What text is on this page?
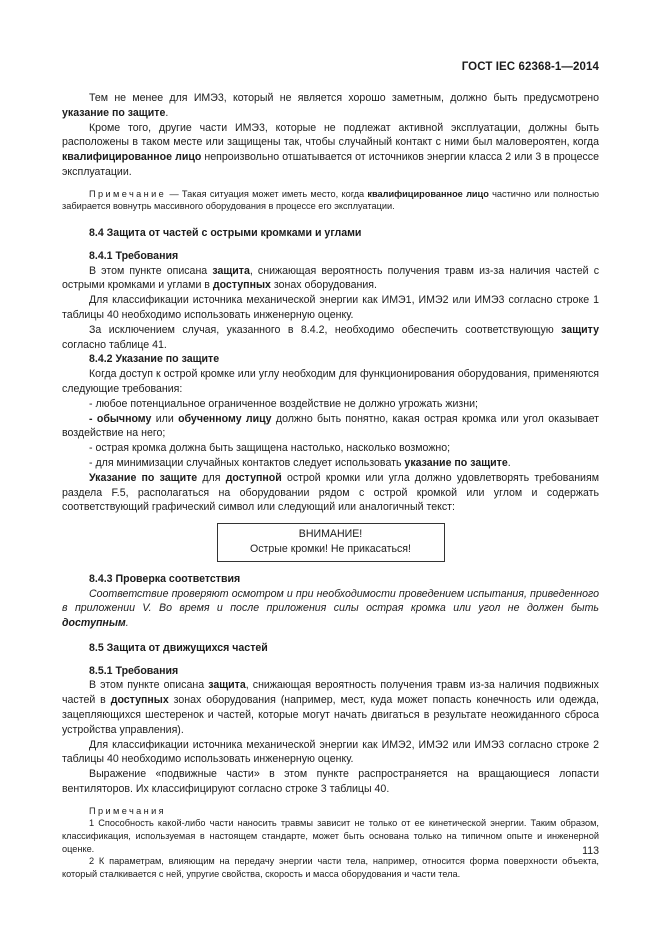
ГОСТ IEC 62368-1—2014

Тем не менее для ИМЭ3, который не является хорошо заметным, должно быть предусмотрено указание по защите.

Кроме того, другие части ИМЭ3, которые не подлежат активной эксплуатации, должны быть расположены в таком месте или защищены так, чтобы случайный контакт с ними был маловероятен, когда квалифицированное лицо непроизвольно отшатывается от источников энергии класса 2 или 3 в процессе эксплуатации.

Примечание — Такая ситуация может иметь место, когда квалифицированное лицо частично или полностью забирается вовнутрь массивного оборудования в процессе его эксплуатации.

8.4 Защита от частей с острыми кромками и углами

8.4.1 Требования

В этом пункте описана защита, снижающая вероятность получения травм из-за наличия частей с острыми кромками и углами в доступных зонах оборудования.

Для классификации источника механической энергии как ИМЭ1, ИМЭ2 или ИМЭ3 согласно строке 1 таблицы 40 необходимо использовать инженерную оценку.

За исключением случая, указанного в 8.4.2, необходимо обеспечить соответствующую защиту согласно таблице 41.

8.4.2 Указание по защите

Когда доступ к острой кромке или углу необходим для функционирования оборудования, применяются следующие требования:

- любое потенциальное ограниченное воздействие не должно угрожать жизни;

- обычному или обученному лицу должно быть понятно, какая острая кромка или угол оказывает воздействие на него;

- острая кромка должна быть защищена настолько, насколько возможно;

- для минимизации случайных контактов следует использовать указание по защите.

Указание по защите для доступной острой кромки или угла должно удовлетворять требованиям раздела F.5, располагаться на оборудовании рядом с острой кромкой или углом и содержать соответствующий графический символ или следующий или аналогичный текст:

ВНИМАНИЕ!
Острые кромки! Не прикасаться!

8.4.3 Проверка соответствия

Соответствие проверяют осмотром и при необходимости проведением испытания, приведенного в приложении V. Во время и после приложения силы острая кромка или угол не должен быть доступным.

8.5 Защита от движущихся частей

8.5.1 Требования

В этом пункте описана защита, снижающая вероятность получения травм из-за наличия подвижных частей в доступных зонах оборудования (например, мест, куда может попасть конечность или одежда, зацепляющихся шестеренок и частей, которые могут начать двигаться в результате неожиданного сброса устройства управления).

Для классификации источника механической энергии как ИМЭ2, ИМЭ2 или ИМЭ3 согласно строке 2 таблицы 40 необходимо использовать инженерную оценку.

Выражение «подвижные части» в этом пункте распространяется на вращающиеся лопасти вентиляторов. Их классифицируют согласно строке 3 таблицы 40.

Примечания

1 Способность какой-либо части наносить травмы зависит не только от ее кинетической энергии. Таким образом, классификация, используемая в настоящем стандарте, может быть основана только на типичном опыте и инженерной оценке.

2 К параметрам, влияющим на передачу энергии части тела, например, относится форма поверхности объекта, который сталкивается с ней, упругие свойства, скорость и масса оборудования и части тела.

113
